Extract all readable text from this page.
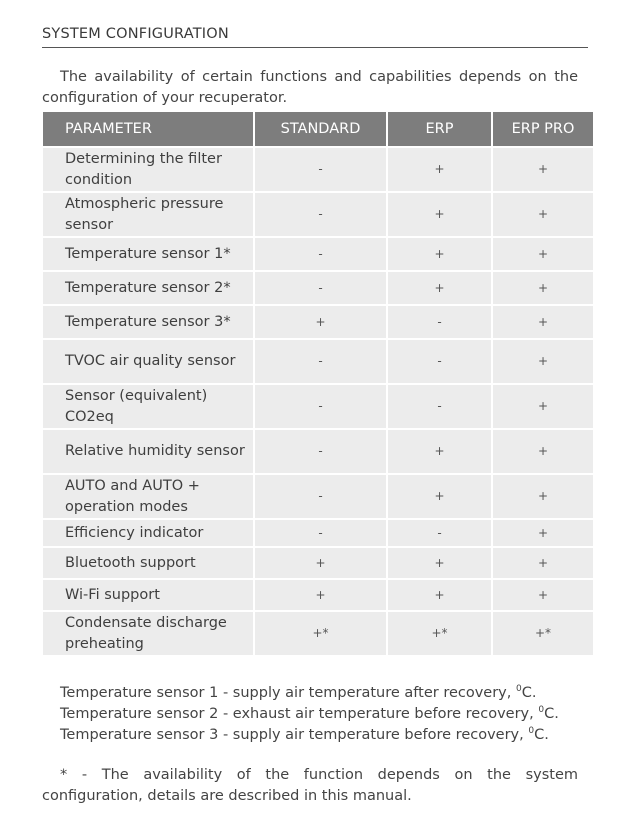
SYSTEM CONFIGURATION

The availability of certain functions and capabilities depends on the configuration of your recuperator.

PARAMETER	STANDARD	ERP	ERP PRO
Determining the filter condition	-	+	+
Atmospheric pressure sensor	-	+	+
Temperature sensor 1*	-	+	+
Temperature sensor 2*	-	+	+
Temperature sensor 3*	+	-	+
TVOC air quality sensor	-	-	+
Sensor (equivalent) CO2eq	-	-	+
Relative humidity sensor	-	+	+
AUTO and AUTO + operation modes	-	+	+
Efficiency indicator	-	-	+
Bluetooth support	+	+	+
Wi-Fi support	+	+	+
Condensate discharge preheating	+*	+*	+*
Temperature sensor 1 - supply air temperature after recovery, $^0$C.
Temperature sensor 2 - exhaust air temperature before recovery, $^0$C.
Temperature sensor 3 - supply air temperature before recovery, $^0$C.

* - The availability of the function depends on the system configuration, details are described in this manual.
